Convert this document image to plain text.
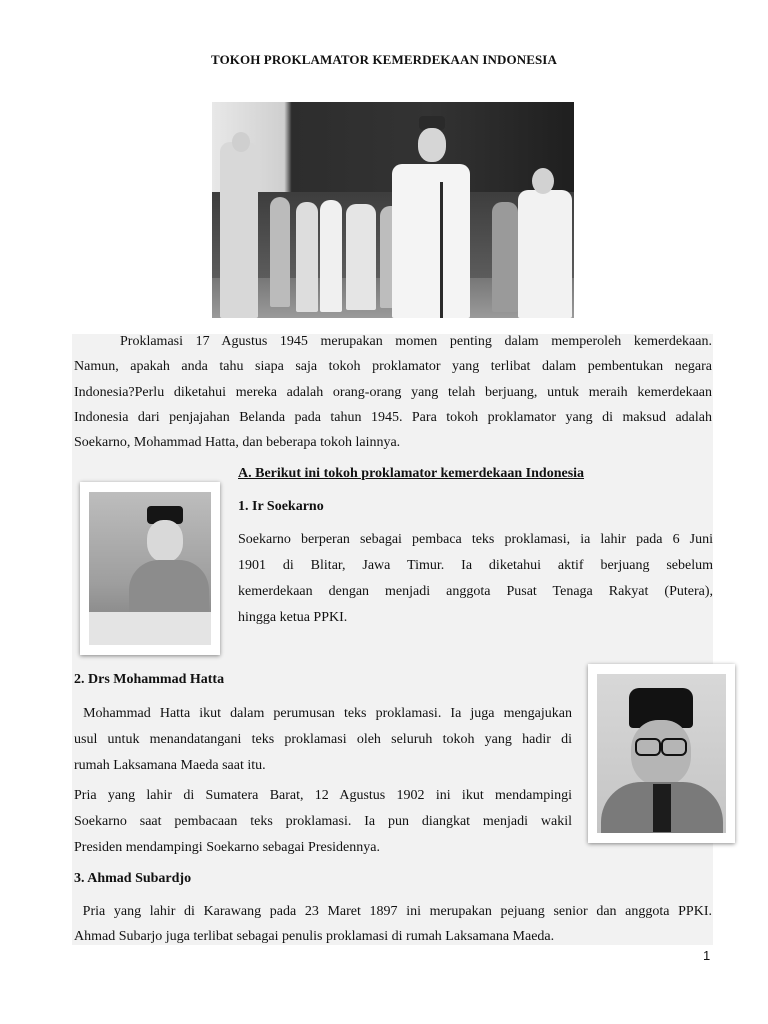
TOKOH PROKLAMATOR KEMERDEKAAN INDONESIA
Proklamasi 17 Agustus 1945 merupakan momen penting dalam memperoleh kemerdekaan.
Namun, apakah anda tahu siapa saja tokoh proklamator yang terlibat dalam pembentukan negara
Indonesia?Perlu diketahui mereka adalah orang-orang yang telah berjuang, untuk meraih kemerdekaan
Indonesia dari penjajahan Belanda pada tahun 1945. Para tokoh proklamator yang di maksud adalah
Soekarno, Mohammad Hatta, dan beberapa tokoh lainnya.
A. Berikut ini tokoh proklamator kemerdekaan Indonesia
1. Ir Soekarno
Soekarno berperan sebagai pembaca teks proklamasi, ia lahir pada 6 Juni
1901 di Blitar, Jawa Timur. Ia diketahui aktif berjuang sebelum
kemerdekaan dengan menjadi anggota Pusat Tenaga Rakyat (Putera),
hingga ketua PPKI.
2. Drs Mohammad Hatta
Mohammad Hatta ikut dalam perumusan teks proklamasi. Ia juga mengajukan
usul untuk menandatangani teks proklamasi oleh seluruh tokoh yang hadir di
rumah Laksamana Maeda saat itu.
Pria yang lahir di Sumatera Barat, 12 Agustus 1902 ini ikut mendampingi
Soekarno saat pembacaan teks proklamasi. Ia pun diangkat menjadi wakil
Presiden mendampingi Soekarno sebagai Presidennya.
3. Ahmad Subardjo
Pria yang lahir di Karawang pada 23 Maret 1897 ini merupakan pejuang senior dan anggota PPKI.
Ahmad Subarjo juga terlibat sebagai penulis proklamasi di rumah Laksamana Maeda.
1
